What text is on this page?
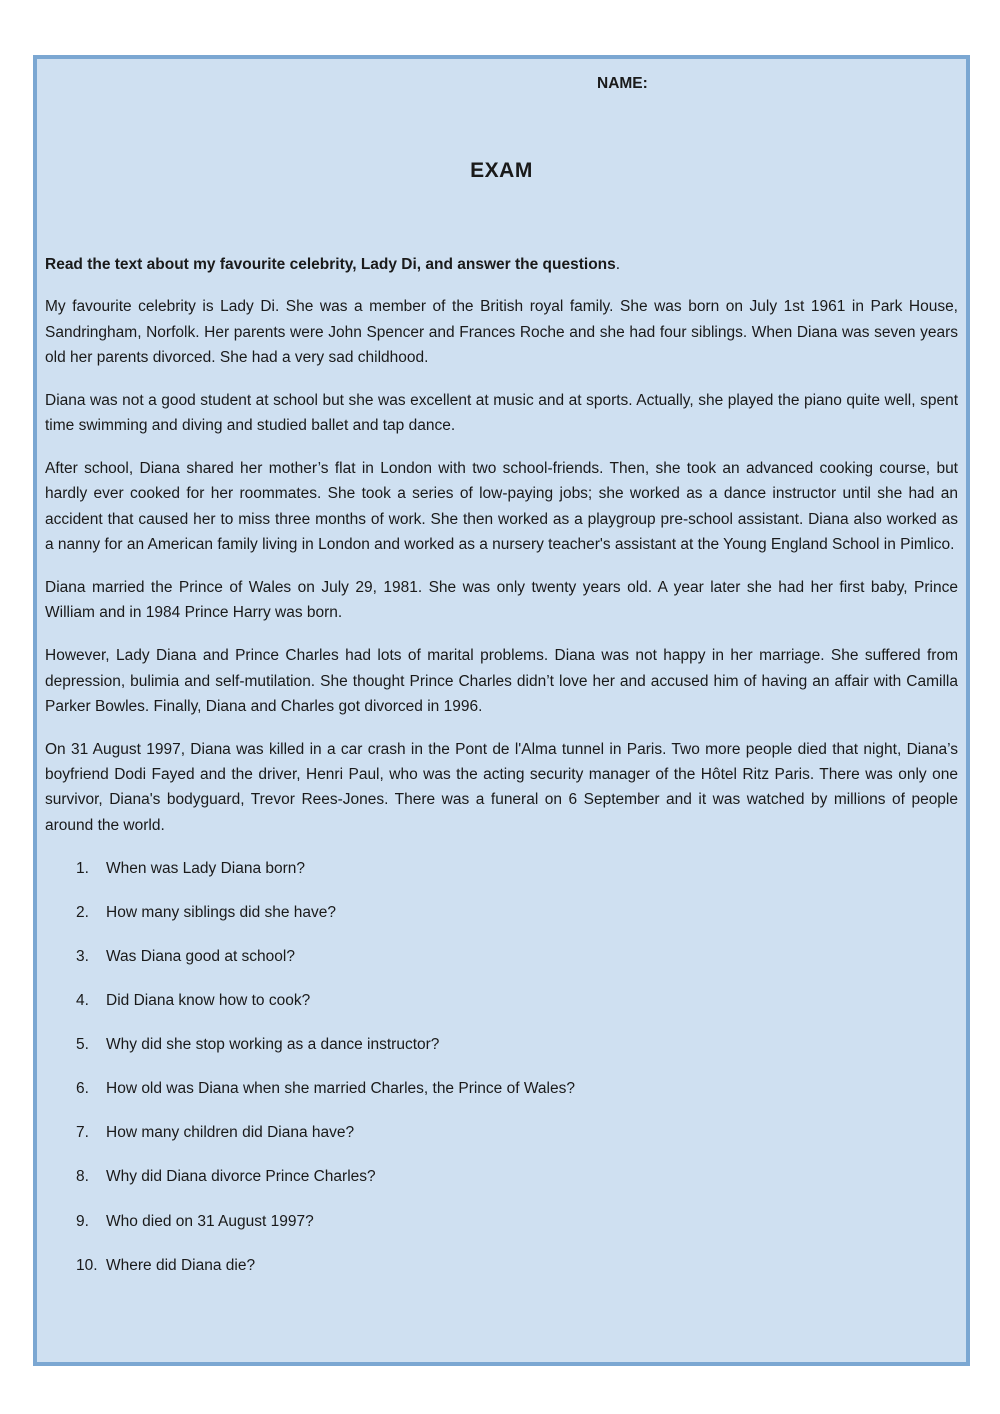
NAME:
EXAM

Read the text about my favourite celebrity, Lady Di, and answer the questions.

My favourite celebrity is Lady Di. She was a member of the British royal family. She was born on July 1st 1961 in Park House, Sandringham, Norfolk. Her parents were John Spencer and Frances Roche and she had four siblings. When Diana was seven years old her parents divorced. She had a very sad childhood.

Diana was not a good student at school but she was excellent at music and at sports. Actually, she played the piano quite well, spent time swimming and diving and studied ballet and tap dance.

After school, Diana shared her mother’s flat in London with two school-friends. Then, she took an advanced cooking course, but hardly ever cooked for her roommates. She took a series of low-paying jobs; she worked as a dance instructor until she had an accident that caused her to miss three months of work. She then worked as a playgroup pre-school assistant. Diana also worked as a nanny for an American family living in London and worked as a nursery teacher's assistant at the Young England School in Pimlico.

Diana married the Prince of Wales on July 29, 1981. She was only twenty years old. A year later she had her first baby, Prince William and in 1984 Prince Harry was born.

However, Lady Diana and Prince Charles had lots of marital problems. Diana was not happy in her marriage. She suffered from depression, bulimia and self-mutilation. She thought Prince Charles didn’t love her and accused him of having an affair with Camilla Parker Bowles. Finally, Diana and Charles got divorced in 1996.

On 31 August 1997, Diana was killed in a car crash in the Pont de l'Alma tunnel in Paris. Two more people died that night, Diana’s boyfriend Dodi Fayed and the driver, Henri Paul, who was the acting security manager of the Hôtel Ritz Paris. There was only one survivor, Diana's bodyguard, Trevor Rees-Jones. There was a funeral on 6 September and it was watched by millions of people around the world.

1. When was Lady Diana born?
2. How many siblings did she have?
3. Was Diana good at school?
4. Did Diana know how to cook?
5. Why did she stop working as a dance instructor?
6. How old was Diana when she married Charles, the Prince of Wales?
7. How many children did Diana have?
8. Why did Diana divorce Prince Charles?
9. Who died on 31 August 1997?
10. Where did Diana die?
